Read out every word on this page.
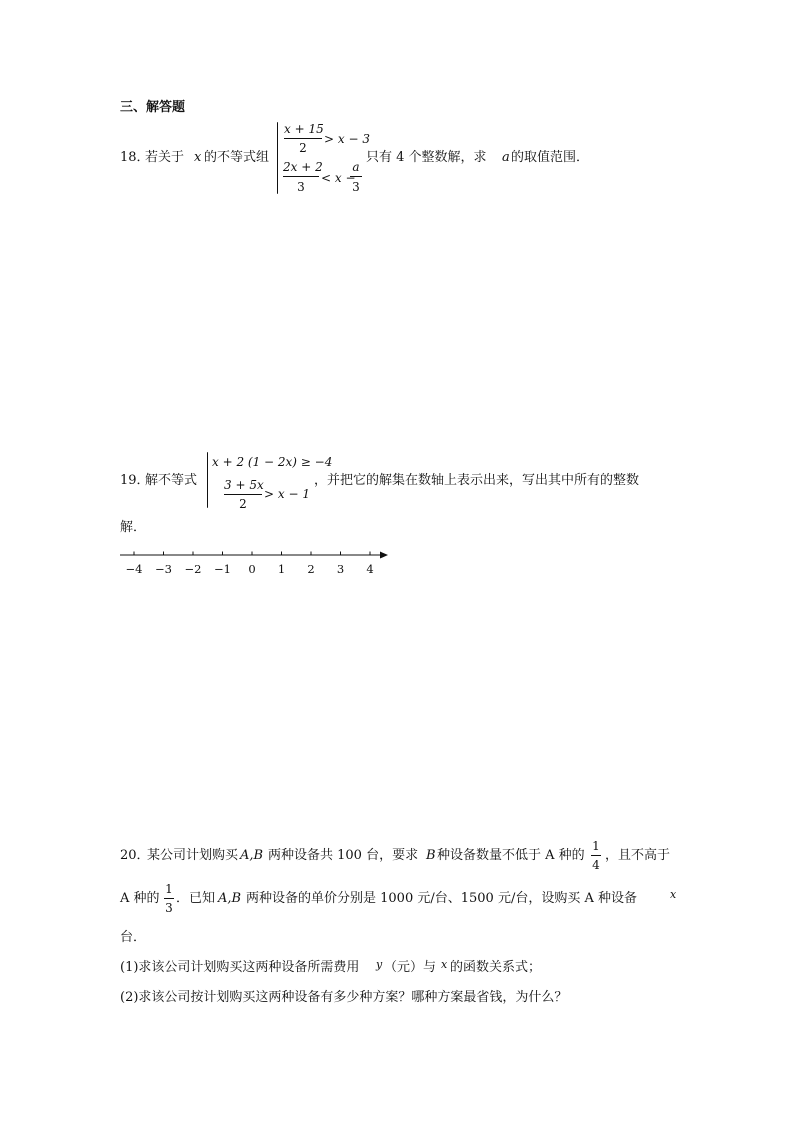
三、解答题
18．
若关于 x 的不等式组
x + 15
2
> x − 3
2x + 2
3
< x −
a
3
只有 4 个整数解，求 a 的取值范围．
19．
解不等式
x + 2 (1 − 2x) ≥ −4
3 + 5x
2
> x − 1
，并把它的解集在数轴上表示出来，写出其中所有的整数
解．
−4 −3 −2 −1 0 1 2 3 4
20．
某公司计划购买 A,B 两种设备共 100 台，要求 B 种设备数量不低于 A 种的
1
4
，且不高于
A 种的
1
3
．已知 A,B 两种设备的单价分别是 1000 元/台、1500 元/台，设购买 A 种设备	x
台．
(1)求该公司计划购买这两种设备所需费用 y （元）与 x 的函数关系式；
(2)求该公司按计划购买这两种设备有多少种方案？哪种方案最省钱，为什么？
